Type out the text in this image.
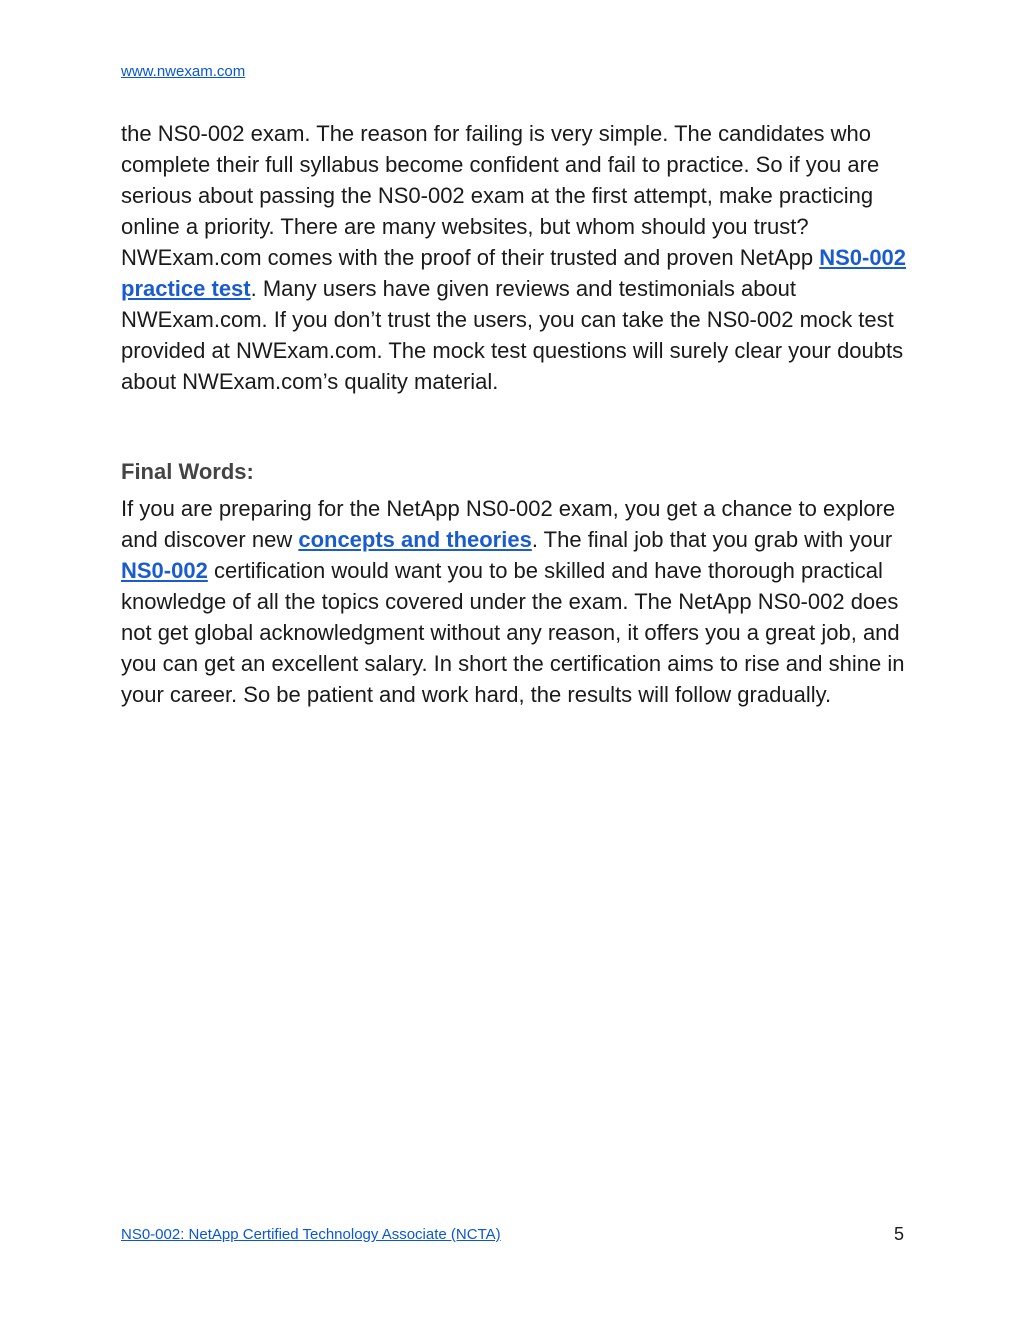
www.nwexam.com

the NS0-002 exam. The reason for failing is very simple. The candidates who complete their full syllabus become confident and fail to practice. So if you are serious about passing the NS0-002 exam at the first attempt, make practicing online a priority. There are many websites, but whom should you trust? NWExam.com comes with the proof of their trusted and proven NetApp NS0-002 practice test. Many users have given reviews and testimonials about NWExam.com. If you don’t trust the users, you can take the NS0-002 mock test provided at NWExam.com. The mock test questions will surely clear your doubts about NWExam.com’s quality material.

Final Words:

If you are preparing for the NetApp NS0-002 exam, you get a chance to explore and discover new concepts and theories. The final job that you grab with your NS0-002 certification would want you to be skilled and have thorough practical knowledge of all the topics covered under the exam. The NetApp NS0-002 does not get global acknowledgment without any reason, it offers you a great job, and you can get an excellent salary. In short the certification aims to rise and shine in your career. So be patient and work hard, the results will follow gradually.

NS0-002: NetApp Certified Technology Associate (NCTA)	5
